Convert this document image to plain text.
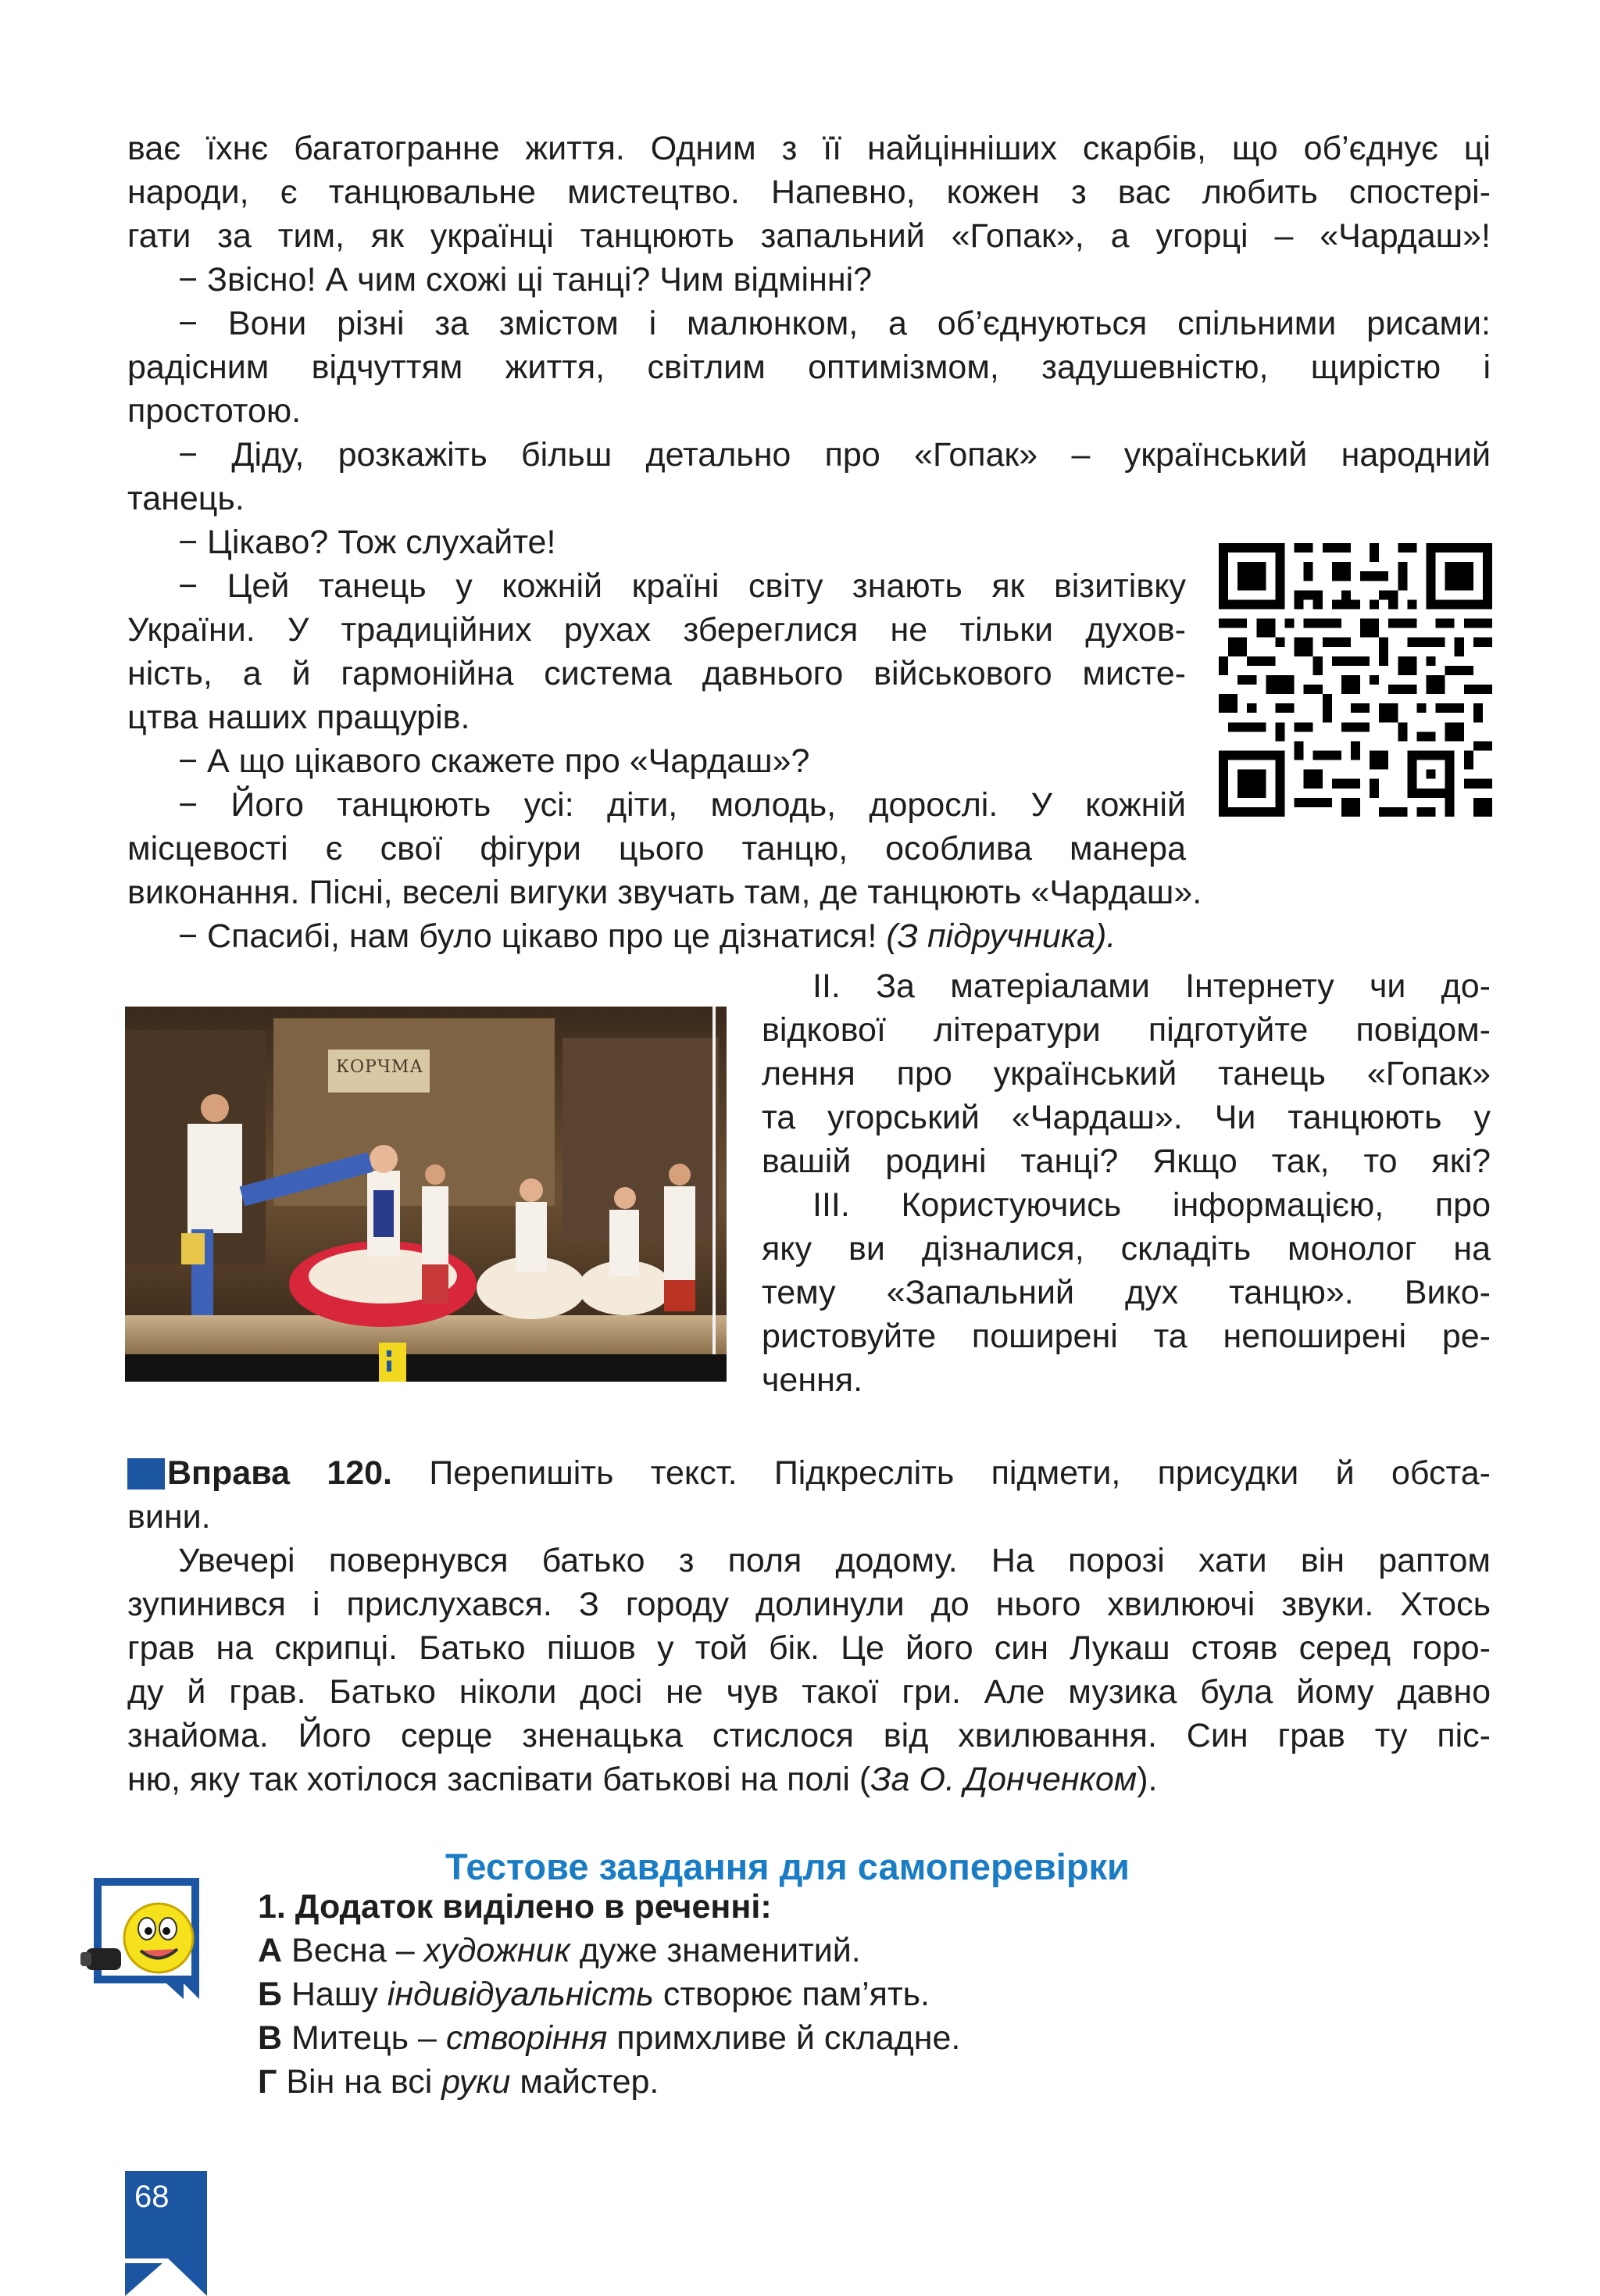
ває їхнє багатогранне життя. Одним з її найцінніших скарбів, що об’єднує ці
народи, є танцювальне мистецтво. Напевно, кожен з вас любить спостері-
гати за тим, як українці танцюють запальний «Гопак», а угорці – «Чардаш»!
− Звісно! А чим схожі ці танці? Чим відмінні?
− Вони різні за змістом і малюнком, а об’єднуються спільними рисами:
радісним відчуттям життя, світлим оптимізмом, задушевністю, щирістю і
простотою.
− Діду, розкажіть більш детально про «Гопак» – український народний
танець.
− Цікаво? Тож слухайте!
− Цей танець у кожній країні світу знають як візитівку
України. У традиційних рухах збереглися не тільки духов-
ність, а й гармонійна система давнього військового мисте-
цтва наших пращурів.
− А що цікавого скажете про «Чардаш»?
− Його танцюють усі: діти, молодь, дорослі. У кожній
місцевості є свої фігури цього танцю, особлива манера
виконання. Пісні, веселі вигуки звучать там, де танцюють «Чардаш».
− Спасибі, нам було цікаво про це дізнатися! (З підручника).
КОРЧМА
ІІ. За матеріалами Інтернету чи до-
відкової літератури підготуйте повідом-
лення про український танець «Гопак»
та угорський «Чардаш». Чи танцюють у
вашій родині танці? Якщо так, то які?
ІІІ. Користуючись інформацією, про
яку ви дізналися, складіть монолог на
тему «Запальний дух танцю». Вико-
ристовуйте поширені та непоширені ре-
чення.
Вправа 120. Перепишіть текст. Підкресліть підмети, присудки й обста-
вини.
Увечері повернувся батько з поля додому. На порозі хати він раптом
зупинився і прислухався. З городу долинули до нього хвилюючі звуки. Хтось
грав на скрипці. Батько пішов у той бік. Це його син Лукаш стояв серед горо-
ду й грав. Батько ніколи досі не чув такої гри. Але музика була йому давно
знайома. Його серце зненацька стислося від хвилювання. Син грав ту піс-
ню, яку так хотілося заспівати батькові на полі (За О. Донченком).
Тестове завдання для самоперевірки
1. Додаток виділено в реченні:
А Весна – художник дуже знаменитий.
Б Нашу індивідуальність створює пам’ять.
В Митець – створіння примхливе й складне.
Г Він на всі руки майстер.
68
